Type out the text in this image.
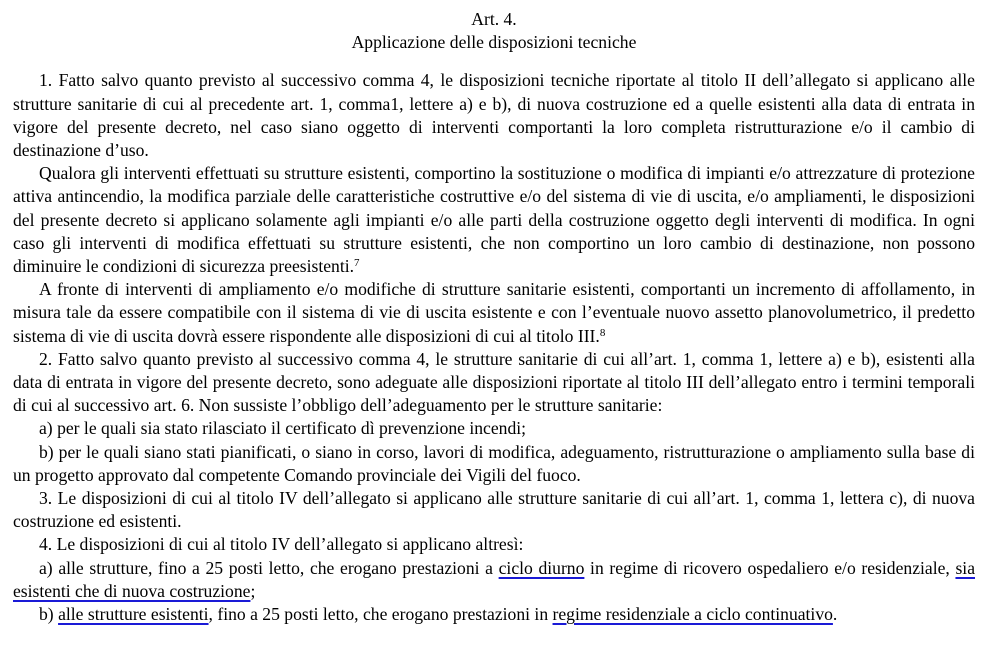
Art. 4.
Applicazione delle disposizioni tecniche

1. Fatto salvo quanto previsto al successivo comma 4, le disposizioni tecniche riportate al titolo II dell’allegato si applicano alle strutture sanitarie di cui al precedente art. 1, comma1, lettere a) e b), di nuova costruzione ed a quelle esistenti alla data di entrata in vigore del presente decreto, nel caso siano oggetto di interventi comportanti la loro completa ristrutturazione e/o il cambio di destinazione d’uso.

Qualora gli interventi effettuati su strutture esistenti, comportino la sostituzione o modifica di impianti e/o attrezzature di protezione attiva antincendio, la modifica parziale delle caratteristiche costruttive e/o del sistema di vie di uscita, e/o ampliamenti, le disposizioni del presente decreto si applicano solamente agli impianti e/o alle parti della costruzione oggetto degli interventi di modifica. In ogni caso gli interventi di modifica effettuati su strutture esistenti, che non comportino un loro cambio di destinazione, non possono diminuire le condizioni di sicurezza preesistenti.$^7$

A fronte di interventi di ampliamento e/o modifiche di strutture sanitarie esistenti, comportanti un incremento di affollamento, in misura tale da essere compatibile con il sistema di vie di uscita esistente e con l’eventuale nuovo assetto planovolumetrico, il predetto sistema di vie di uscita dovrà essere rispondente alle disposizioni di cui al titolo III.$^8$

2. Fatto salvo quanto previsto al successivo comma 4, le strutture sanitarie di cui all’art. 1, comma 1, lettere a) e b), esistenti alla data di entrata in vigore del presente decreto, sono adeguate alle disposizioni riportate al titolo III dell’allegato entro i termini temporali di cui al successivo art. 6. Non sussiste l’obbligo dell’adeguamento per le strutture sanitarie:

a) per le quali sia stato rilasciato il certificato dì prevenzione incendi;

b) per le quali siano stati pianificati, o siano in corso, lavori di modifica, adeguamento, ristrutturazione o ampliamento sulla base di un progetto approvato dal competente Comando provinciale dei Vigili del fuoco.

3. Le disposizioni di cui al titolo IV dell’allegato si applicano alle strutture sanitarie di cui all’art. 1, comma 1, lettera c), di nuova costruzione ed esistenti.

4. Le disposizioni di cui al titolo IV dell’allegato si applicano altresì:

a) alle strutture, fino a 25 posti letto, che erogano prestazioni a ciclo diurno in regime di ricovero ospedaliero e/o residenziale, sia esistenti che di nuova costruzione;

b) alle strutture esistenti, fino a 25 posti letto, che erogano prestazioni in regime residenziale a ciclo continuativo.
